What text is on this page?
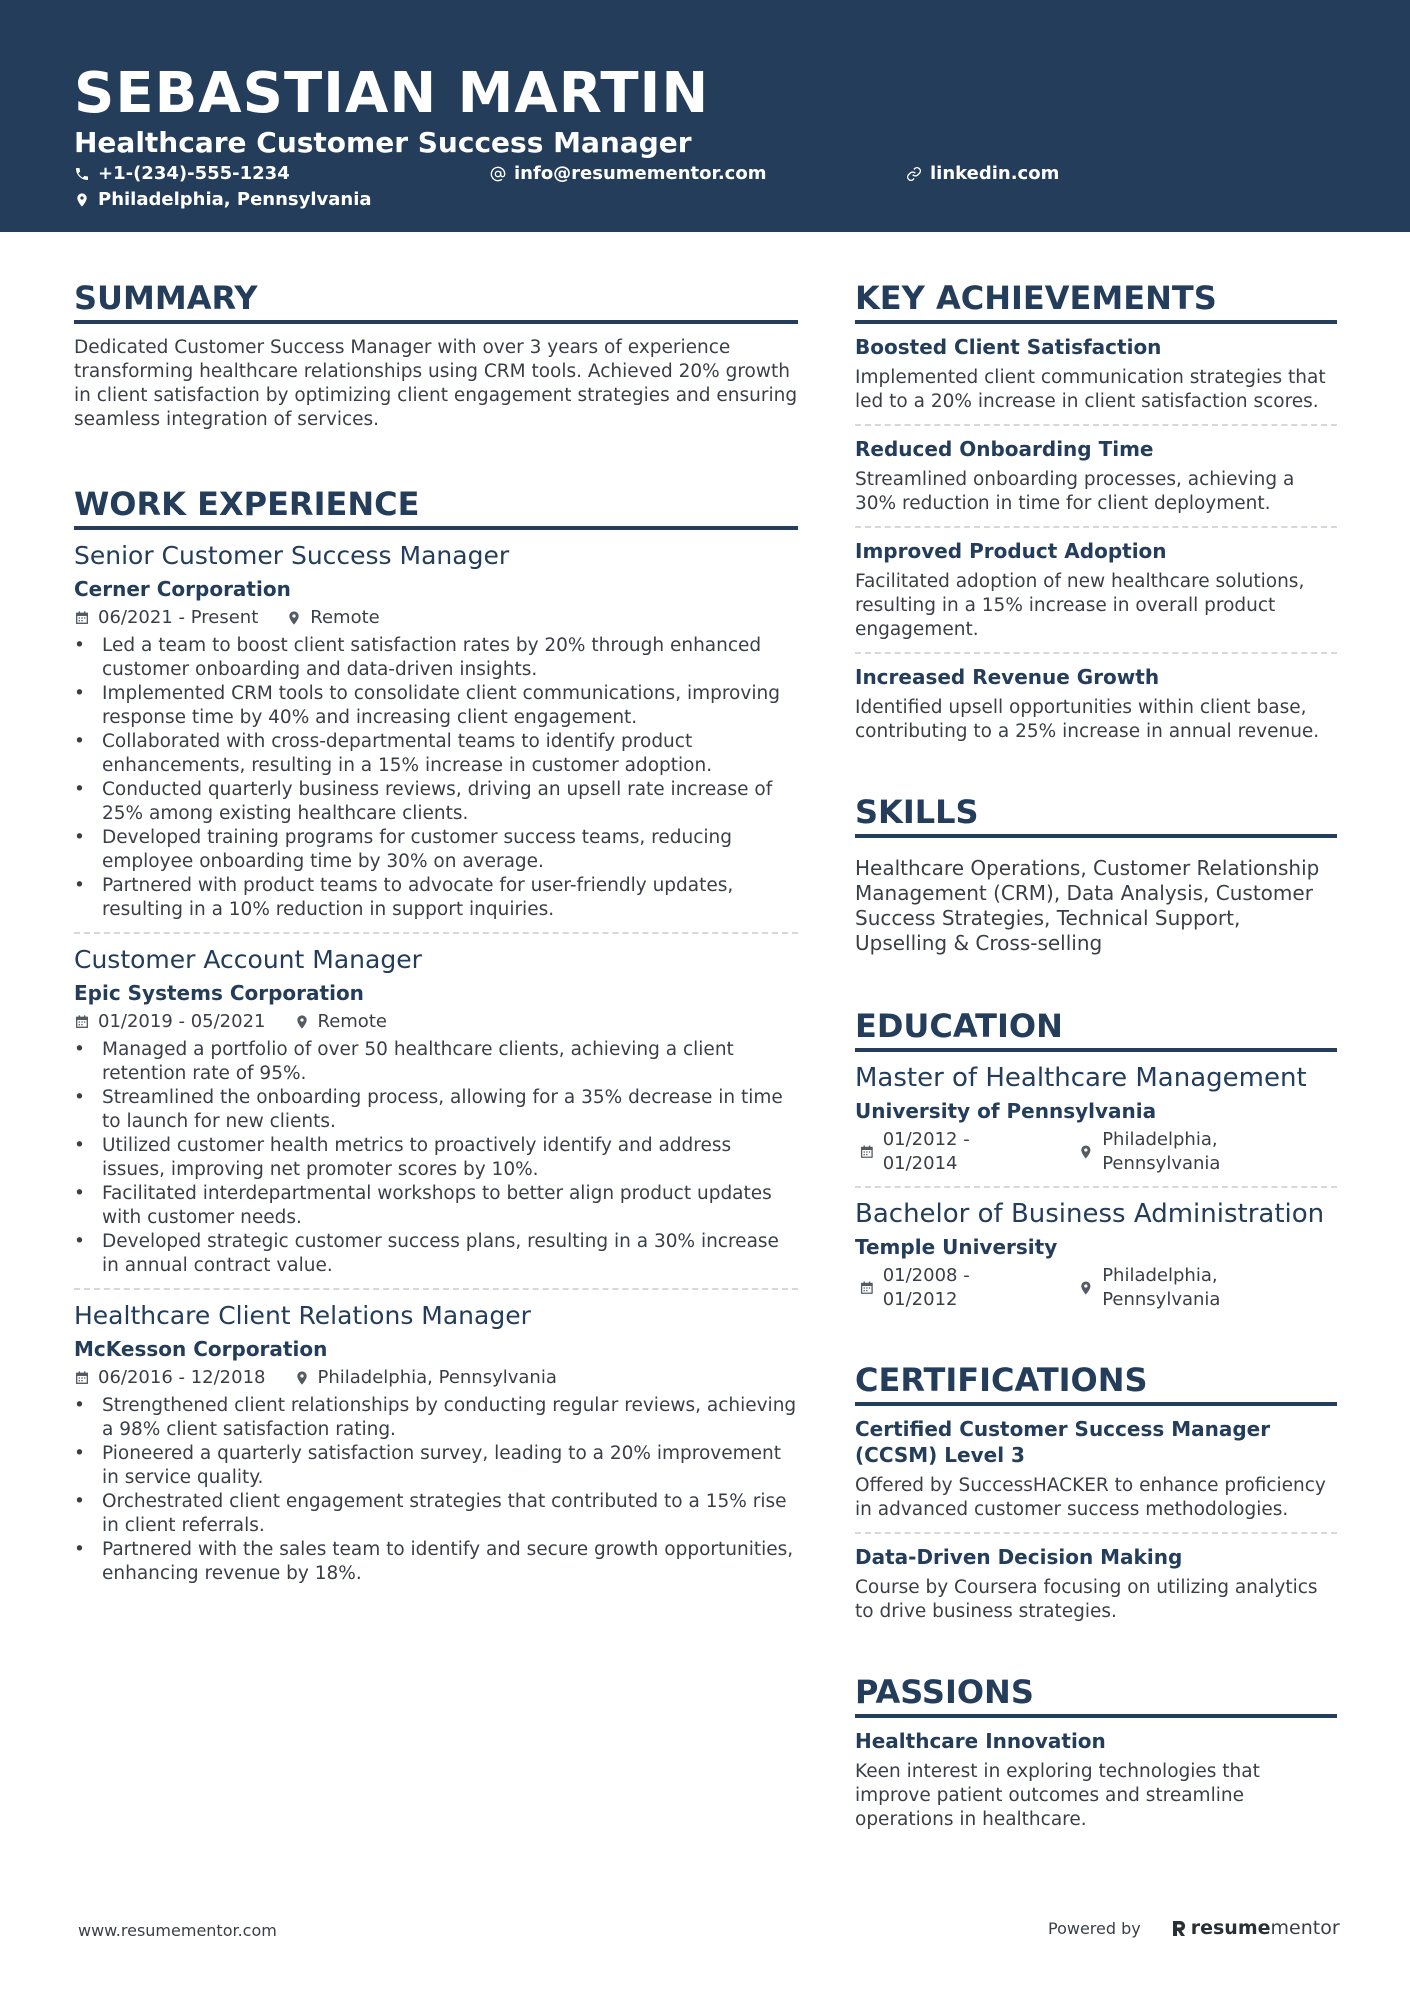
SEBASTIAN MARTIN
Healthcare Customer Success Manager
+1-(234)-555-1234	info@resumementor.com	linkedin.com
Philadelphia, Pennsylvania
SUMMARY
Dedicated Customer Success Manager with over 3 years of experience transforming healthcare relationships using CRM tools. Achieved 20% growth in client satisfaction by optimizing client engagement strategies and ensuring seamless integration of services.
WORK EXPERIENCE
Senior Customer Success Manager
Cerner Corporation
06/2021 - Present	Remote
• Led a team to boost client satisfaction rates by 20% through enhanced customer onboarding and data-driven insights.
• Implemented CRM tools to consolidate client communications, improving response time by 40% and increasing client engagement.
• Collaborated with cross-departmental teams to identify product enhancements, resulting in a 15% increase in customer adoption.
• Conducted quarterly business reviews, driving an upsell rate increase of 25% among existing healthcare clients.
• Developed training programs for customer success teams, reducing employee onboarding time by 30% on average.
• Partnered with product teams to advocate for user-friendly updates, resulting in a 10% reduction in support inquiries.
Customer Account Manager
Epic Systems Corporation
01/2019 - 05/2021	Remote
• Managed a portfolio of over 50 healthcare clients, achieving a client retention rate of 95%.
• Streamlined the onboarding process, allowing for a 35% decrease in time to launch for new clients.
• Utilized customer health metrics to proactively identify and address issues, improving net promoter scores by 10%.
• Facilitated interdepartmental workshops to better align product updates with customer needs.
• Developed strategic customer success plans, resulting in a 30% increase in annual contract value.
Healthcare Client Relations Manager
McKesson Corporation
06/2016 - 12/2018	Philadelphia, Pennsylvania
• Strengthened client relationships by conducting regular reviews, achieving a 98% client satisfaction rating.
• Pioneered a quarterly satisfaction survey, leading to a 20% improvement in service quality.
• Orchestrated client engagement strategies that contributed to a 15% rise in client referrals.
• Partnered with the sales team to identify and secure growth opportunities, enhancing revenue by 18%.
KEY ACHIEVEMENTS
Boosted Client Satisfaction
Implemented client communication strategies that led to a 20% increase in client satisfaction scores.
Reduced Onboarding Time
Streamlined onboarding processes, achieving a 30% reduction in time for client deployment.
Improved Product Adoption
Facilitated adoption of new healthcare solutions, resulting in a 15% increase in overall product engagement.
Increased Revenue Growth
Identified upsell opportunities within client base, contributing to a 25% increase in annual revenue.
SKILLS
Healthcare Operations, Customer Relationship Management (CRM), Data Analysis, Customer Success Strategies, Technical Support, Upselling & Cross-selling
EDUCATION
Master of Healthcare Management
University of Pennsylvania
01/2012 - 01/2014
Philadelphia, Pennsylvania
Bachelor of Business Administration
Temple University
01/2008 - 01/2012
Philadelphia, Pennsylvania
CERTIFICATIONS
Certified Customer Success Manager (CCSM) Level 3
Offered by SuccessHACKER to enhance proficiency in advanced customer success methodologies.
Data-Driven Decision Making
Course by Coursera focusing on utilizing analytics to drive business strategies.
PASSIONS
Healthcare Innovation
Keen interest in exploring technologies that improve patient outcomes and streamline operations in healthcare.
www.resumementor.com	Powered by	resume mentor
